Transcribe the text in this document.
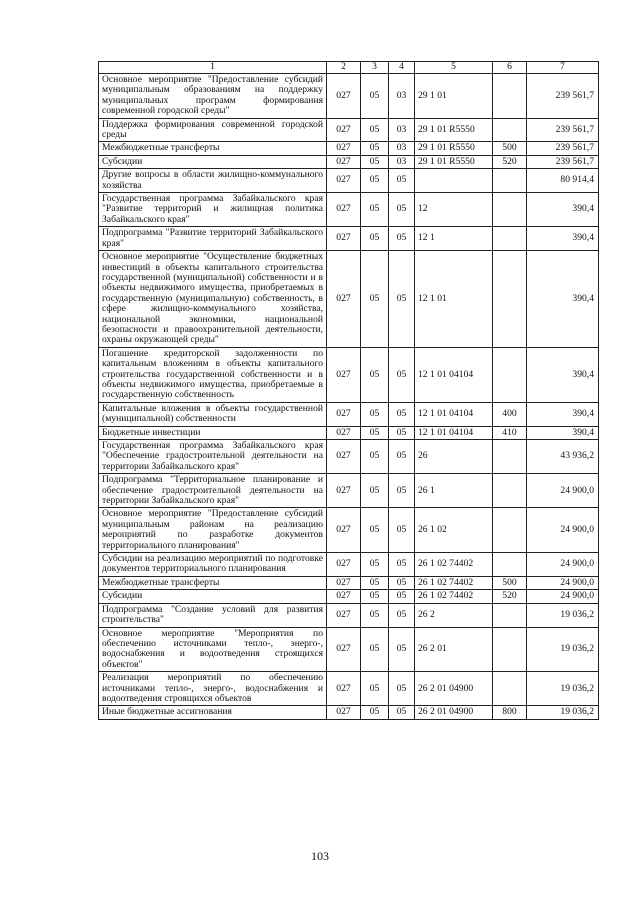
1	2	3	4	5	6	7
Основное мероприятие "Предоставление субсидий муниципальным образованиям на поддержку муниципальных программ формирования современной городской среды"	027	05	03	29 1 01		239 561,7
Поддержка формирования современной городской среды	027	05	03	29 1 01 R5550		239 561,7
Межбюджетные трансферты	027	05	03	29 1 01 R5550	500	239 561,7
Субсидии	027	05	03	29 1 01 R5550	520	239 561,7
Другие вопросы в области жилищно-коммунального хозяйства	027	05	05			80 914,4
Государственная программа Забайкальского края "Развитие территорий и жилищная политика Забайкальского края"	027	05	05	12		390,4
Подпрограмма "Развитие территорий Забайкальского края"	027	05	05	12 1		390,4
Основное мероприятие "Осуществление бюджетных инвестиций в объекты капитального строительства государственной (муниципальной) собственности и в объекты недвижимого имущества, приобретаемых в государственную (муниципальную) собственность, в сфере жилищно-коммунального хозяйства, национальной экономики, национальной безопасности и правоохранительной деятельности, охраны окружающей среды"	027	05	05	12 1 01		390,4
Погашение кредиторской задолженности по капитальным вложениям в объекты капитального строительства государственной собственности и в объекты недвижимого имущества, приобретаемые в государственную собственность	027	05	05	12 1 01 04104		390,4
Капитальные вложения в объекты государственной (муниципальной) собственности	027	05	05	12 1 01 04104	400	390,4
Бюджетные инвестиции	027	05	05	12 1 01 04104	410	390,4
Государственная программа Забайкальского края "Обеспечение градостроительной деятельности на территории Забайкальского края"	027	05	05	26		43 936,2
Подпрограмма "Территориальное планирование и обеспечение градостроительной деятельности на территории Забайкальского края"	027	05	05	26 1		24 900,0
Основное мероприятие "Предоставление субсидий муниципальным районам на реализацию мероприятий по разработке документов территориального планирования"	027	05	05	26 1 02		24 900,0
Субсидии на реализацию мероприятий по подготовке документов территориального планирования	027	05	05	26 1 02 74402		24 900,0
Межбюджетные трансферты	027	05	05	26 1 02 74402	500	24 900,0
Субсидии	027	05	05	26 1 02 74402	520	24 900,0
Подпрограмма "Создание условий для развития строительства"	027	05	05	26 2		19 036,2
Основное мероприятие "Мероприятия по обеспечению источниками тепло-, энерго-, водоснабжения и водоотведения строящихся объектов"	027	05	05	26 2 01		19 036,2
Реализация мероприятий по обеспечению источниками тепло-, энерго-, водоснабжения и водоотведения строящихся объектов	027	05	05	26 2 01 04900		19 036,2
Иные бюджетные ассигнования	027	05	05	26 2 01 04900	800	19 036,2
103
